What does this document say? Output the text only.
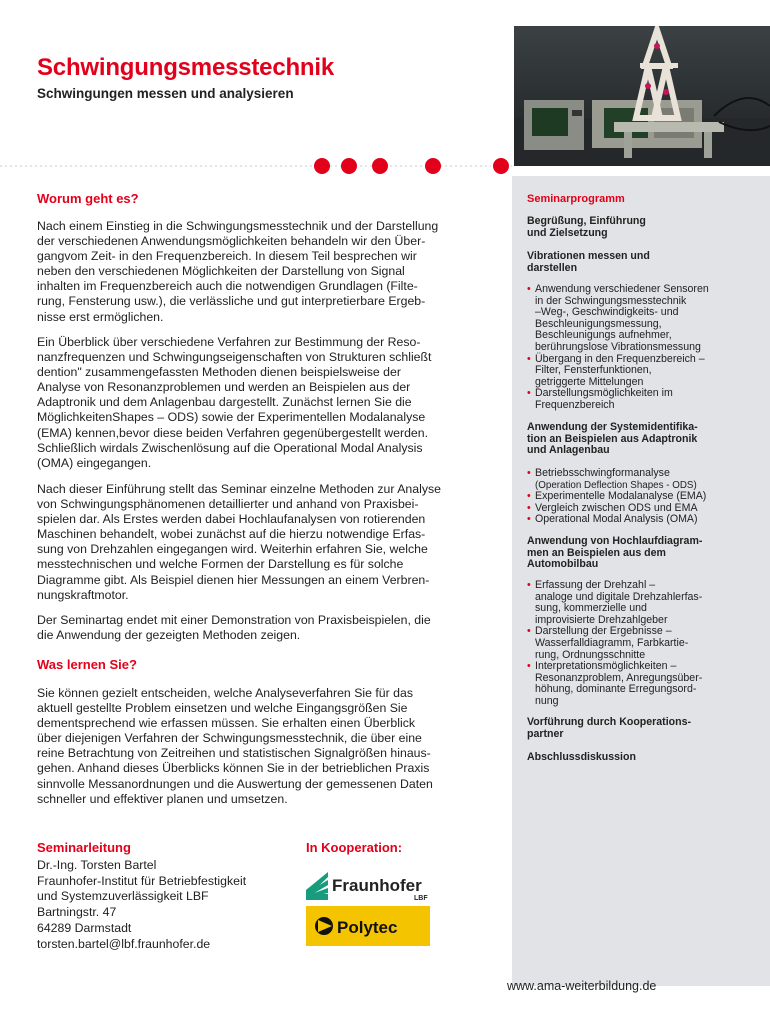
Schwingungsmesstechnik
Schwingungen messen und analysieren
Seminarprogramm
Begrüßung, Einführung
und Zielsetzung
Vibrationen messen und
darstellen
• Anwendung verschiedener Sensoren
in der Schwingungsmesstechnik
–Weg-, Geschwindigkeits- und
Beschleunigungsmessung,
Beschleunigungs aufnehmer,
berührungslose Vibrationsmessung
• Übergang in den Frequenzbereich –
Filter, Fensterfunktionen,
getriggerte Mittelungen
• Darstellungsmöglichkeiten im
Frequenzbereich
Anwendung der Systemidentifika-
tion an Beispielen aus Adaptronik
und Anlagenbau
• Betriebsschwingformanalyse
(Operation Deflection Shapes - ODS)
• Experimentelle Modalanalyse (EMA)
• Vergleich zwischen ODS und EMA
• Operational Modal Analysis (OMA)
Anwendung von Hochlaufdiagram-
men an Beispielen aus dem
Automobilbau
• Erfassung der Drehzahl –
analoge und digitale Drehzahlerfas-
sung, kommerzielle und
improvisierte Drehzahlgeber
• Darstellung der Ergebnisse –
Wasserfalldiagramm, Farbkartie-
rung, Ordnungsschnitte
• Interpretationsmöglichkeiten –
Resonanzproblem, Anregungsüber-
höhung, dominante Erregungsord-
nung
Vorführung durch Kooperations-
partner
Abschlussdiskussion
Worum geht es?
Nach einem Einstieg in die Schwingungsmesstechnik und der Darstellung
der verschiedenen Anwendungsmöglichkeiten behandeln wir den Über-
gangvom Zeit- in den Frequenzbereich. In diesem Teil besprechen wir
neben den verschiedenen Möglichkeiten der Darstellung von Signal
inhalten im Frequenzbereich auch die notwendigen Grundlagen (Filte-
rung, Fensterung usw.), die verlässliche und gut interpretierbare Ergeb-
nisse erst ermöglichen.
Ein Überblick über verschiedene Verfahren zur Bestimmung der Reso-
nanzfrequenzen und Schwingungseigenschaften von Strukturen schließt
dention" zusammengefassten Methoden dienen beispielsweise der
Analyse von Resonanzproblemen und werden an Beispielen aus der
Adaptronik und dem Anlagenbau dargestellt. Zunächst lernen Sie die
MöglichkeitenShapes – ODS) sowie der Experimentellen Modalanalyse
(EMA) kennen,bevor diese beiden Verfahren gegenübergestellt werden.
Schließlich wirdals Zwischenlösung auf die Operational Modal Analysis
(OMA) eingegangen.
Nach dieser Einführung stellt das Seminar einzelne Methoden zur Analyse
von Schwingungsphänomenen detaillierter und anhand von Praxisbei-
spielen dar. Als Erstes werden dabei Hochlaufanalysen von rotierenden
Maschinen behandelt, wobei zunächst auf die hierzu notwendige Erfas-
sung von Drehzahlen eingegangen wird. Weiterhin erfahren Sie, welche
messtechnischen und welche Formen der Darstellung es für solche
Diagramme gibt. Als Beispiel dienen hier Messungen an einem Verbren-
nungskraftmotor.
Der Seminartag endet mit einer Demonstration von Praxisbeispielen, die
die Anwendung der gezeigten Methoden zeigen.
Was lernen Sie?
Sie können gezielt entscheiden, welche Analyseverfahren Sie für das
aktuell gestellte Problem einsetzen und welche Eingangsgrößen Sie
dementsprechend wie erfassen müssen. Sie erhalten einen Überblick
über diejenigen Verfahren der Schwingungsmesstechnik, die über eine
reine Betrachtung von Zeitreihen und statistischen Signalgrößen hinaus-
gehen. Anhand dieses Überblicks können Sie in der betrieblichen Praxis
sinnvolle Messanordnungen und die Auswertung der gemessenen Daten
schneller und effektiver planen und umsetzen.
Seminarleitung
Dr.-Ing. Torsten Bartel
Fraunhofer-Institut für Betriebfestigkeit
und Systemzuverlässigkeit LBF
Bartningstr. 47
64289 Darmstadt
torsten.bartel@lbf.fraunhofer.de
In Kooperation:
Fraunhofer
LBF
Polytec
www.ama-weiterbildung.de
